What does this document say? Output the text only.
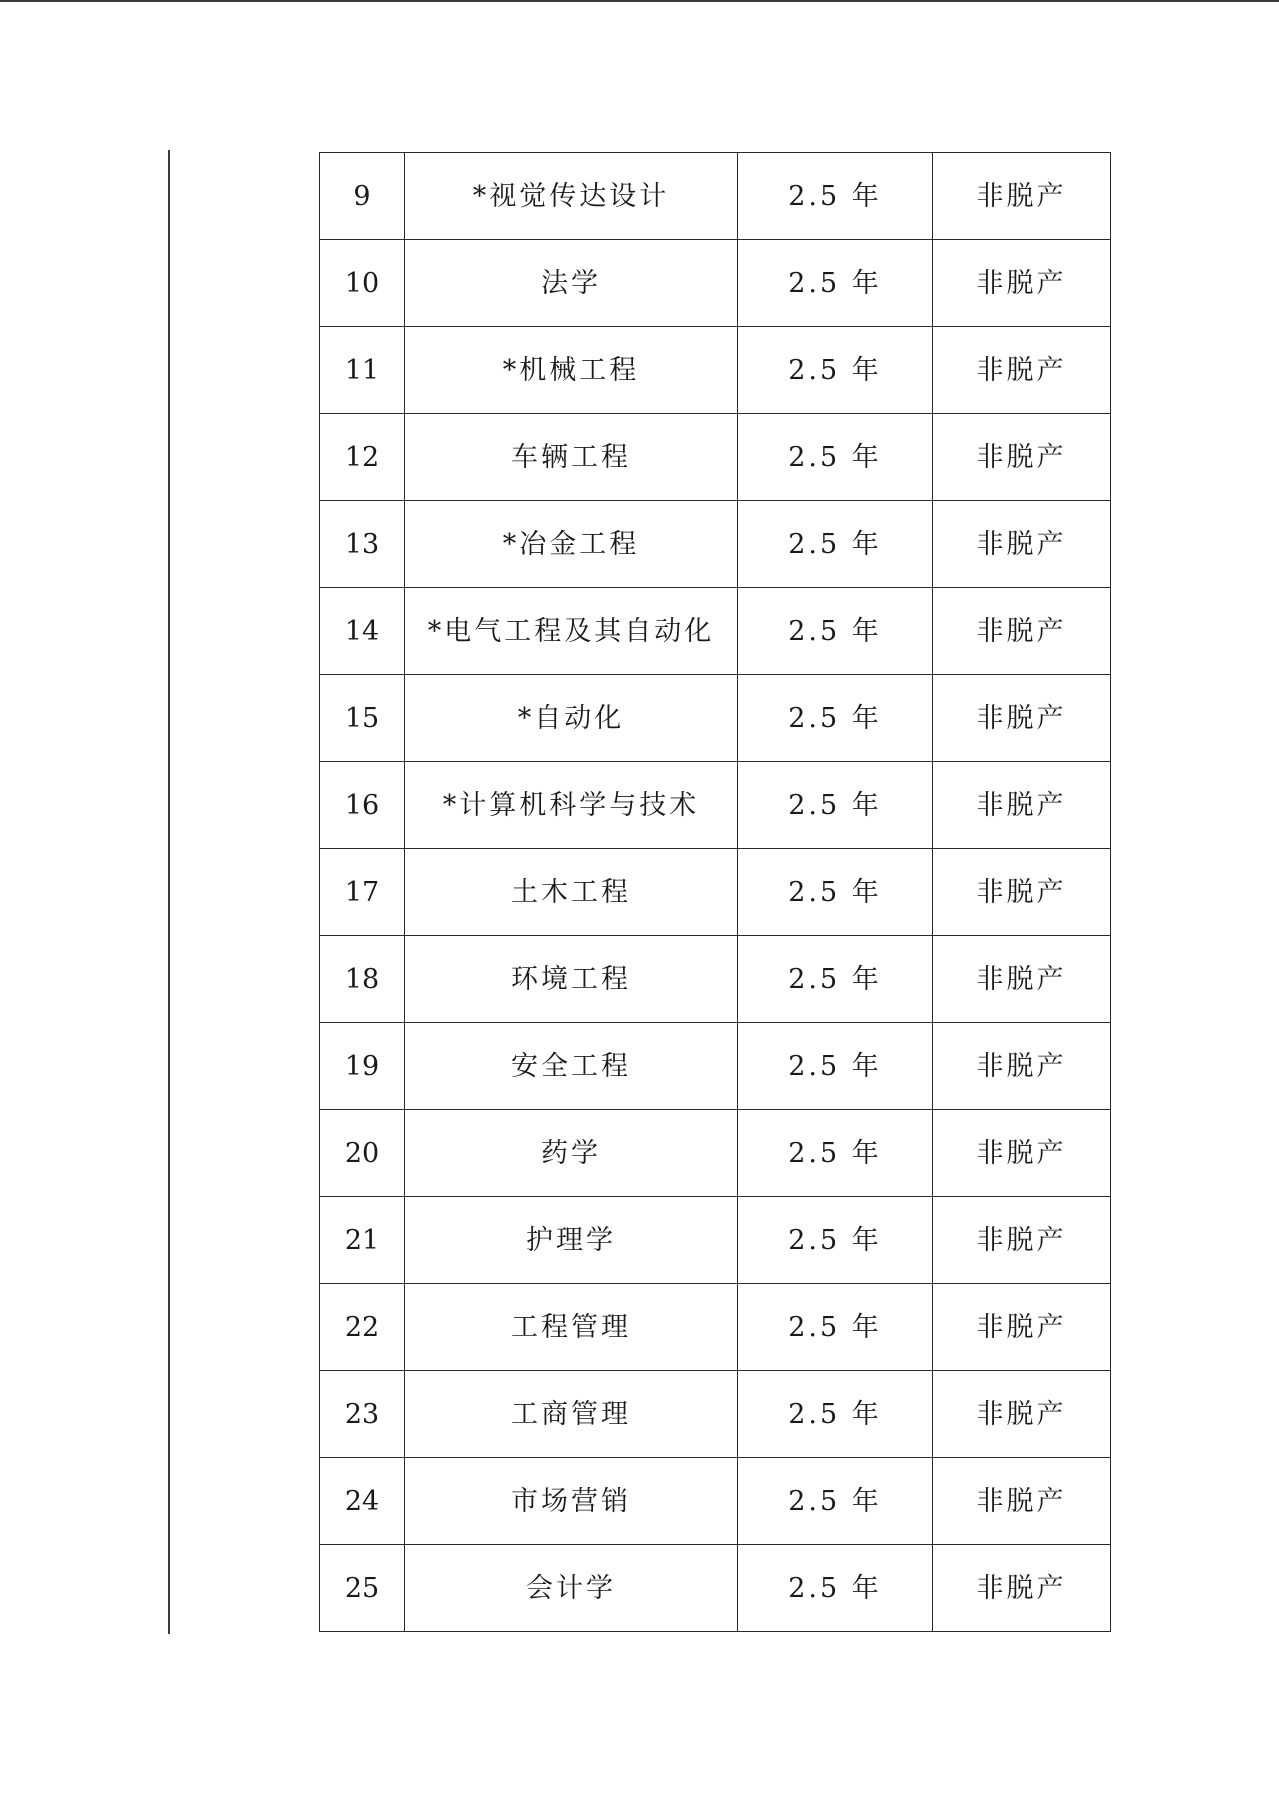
9	*视觉传达设计	2.5 年	非脱产
10	法学	2.5 年	非脱产
11	*机械工程	2.5 年	非脱产
12	车辆工程	2.5 年	非脱产
13	*冶金工程	2.5 年	非脱产
14	*电气工程及其自动化	2.5 年	非脱产
15	*自动化	2.5 年	非脱产
16	*计算机科学与技术	2.5 年	非脱产
17	土木工程	2.5 年	非脱产
18	环境工程	2.5 年	非脱产
19	安全工程	2.5 年	非脱产
20	药学	2.5 年	非脱产
21	护理学	2.5 年	非脱产
22	工程管理	2.5 年	非脱产
23	工商管理	2.5 年	非脱产
24	市场营销	2.5 年	非脱产
25	会计学	2.5 年	非脱产
